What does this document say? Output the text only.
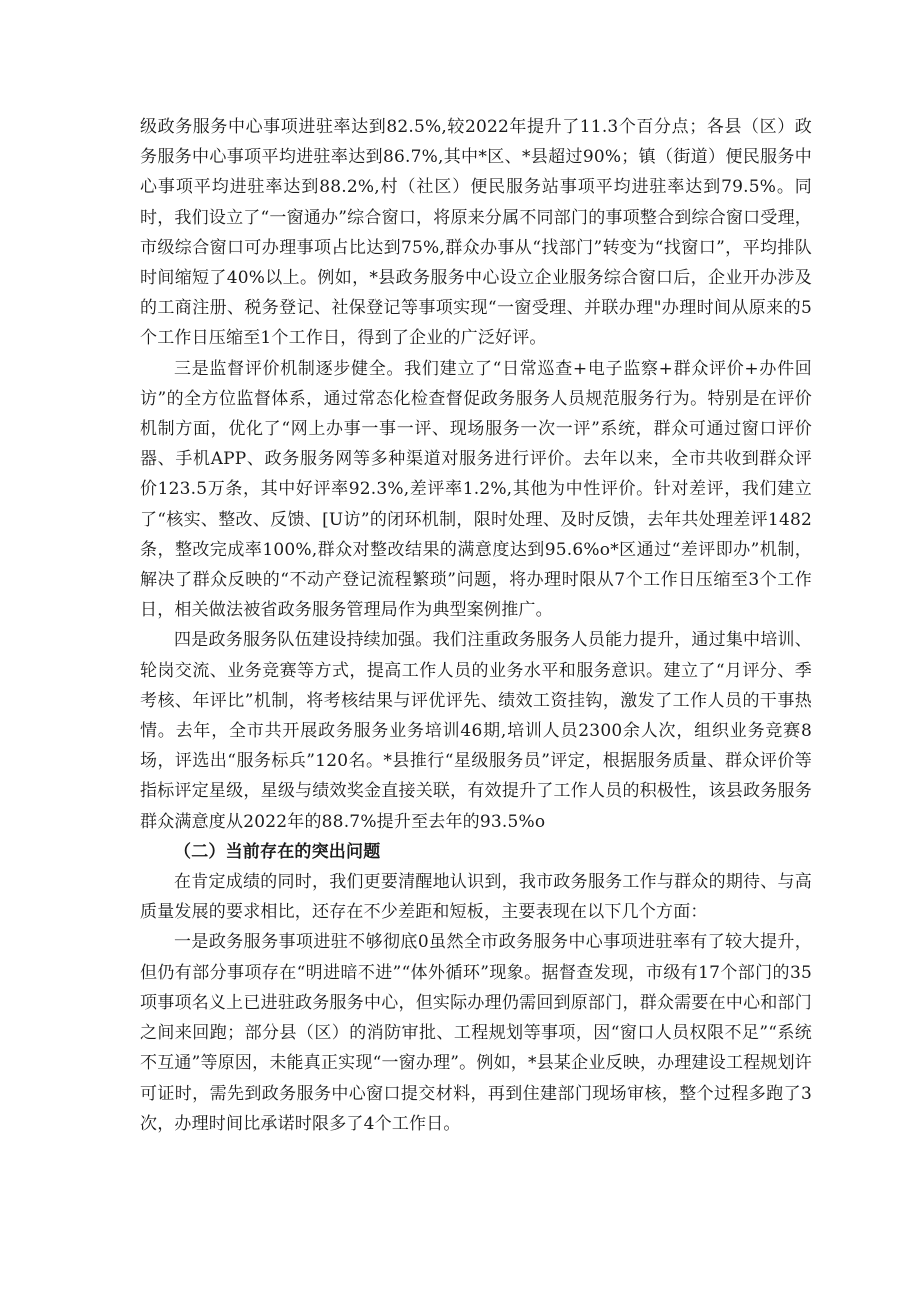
级政务服务中心事项进驻率达到82.5%,较2022年提升了11.3个百分点；各县（区）政务服务中心事项平均进驻率达到86.7%,其中*区、*县超过90%；镇（街道）便民服务中心事项平均进驻率达到88.2%,村（社区）便民服务站事项平均进驻率达到79.5%。同时，我们设立了“一窗通办”综合窗口，将原来分属不同部门的事项整合到综合窗口受理，市级综合窗口可办理事项占比达到75%,群众办事从“找部门”转变为“找窗口”，平均排队时间缩短了40%以上。例如，*县政务服务中心设立企业服务综合窗口后，企业开办涉及的工商注册、税务登记、社保登记等事项实现“一窗受理、并联办理"办理时间从原来的5个工作日压缩至1个工作日，得到了企业的广泛好评。

三是监督评价机制逐步健全。我们建立了“日常巡查+电子监察+群众评价+办件回访”的全方位监督体系，通过常态化检查督促政务服务人员规范服务行为。特别是在评价机制方面，优化了“网上办事一事一评、现场服务一次一评”系统，群众可通过窗口评价器、手机APP、政务服务网等多种渠道对服务进行评价。去年以来，全市共收到群众评价123.5万条，其中好评率92.3%,差评率1.2%,其他为中性评价。针对差评，我们建立了“核实、整改、反馈、[U访”的闭环机制，限时处理、及时反馈，去年共处理差评1482条，整改完成率100%,群众对整改结果的满意度达到95.6%o*区通过“差评即办”机制，解决了群众反映的“不动产登记流程繁琐”问题，将办理时限从7个工作日压缩至3个工作日，相关做法被省政务服务管理局作为典型案例推广。

四是政务服务队伍建设持续加强。我们注重政务服务人员能力提升，通过集中培训、轮岗交流、业务竞赛等方式，提高工作人员的业务水平和服务意识。建立了“月评分、季考核、年评比”机制，将考核结果与评优评先、绩效工资挂钩，激发了工作人员的干事热情。去年，全市共开展政务服务业务培训46期,培训人员2300余人次，组织业务竞赛8场，评选出“服务标兵”120名。*县推行“星级服务员”评定，根据服务质量、群众评价等指标评定星级，星级与绩效奖金直接关联，有效提升了工作人员的积极性，该县政务服务群众满意度从2022年的88.7%提升至去年的93.5%o

（二）当前存在的突出问题

在肯定成绩的同时，我们更要清醒地认识到，我市政务服务工作与群众的期待、与高质量发展的要求相比，还存在不少差距和短板，主要表现在以下几个方面：

一是政务服务事项进驻不够彻底0虽然全市政务服务中心事项进驻率有了较大提升，但仍有部分事项存在“明进暗不进”“体外循环”现象。据督查发现，市级有17个部门的35项事项名义上已进驻政务服务中心，但实际办理仍需回到原部门，群众需要在中心和部门之间来回跑；部分县（区）的消防审批、工程规划等事项，因“窗口人员权限不足”“系统不互通”等原因，未能真正实现“一窗办理”。例如，*县某企业反映，办理建设工程规划许可证时，需先到政务服务中心窗口提交材料，再到住建部门现场审核，整个过程多跑了3次，办理时间比承诺时限多了4个工作日。
